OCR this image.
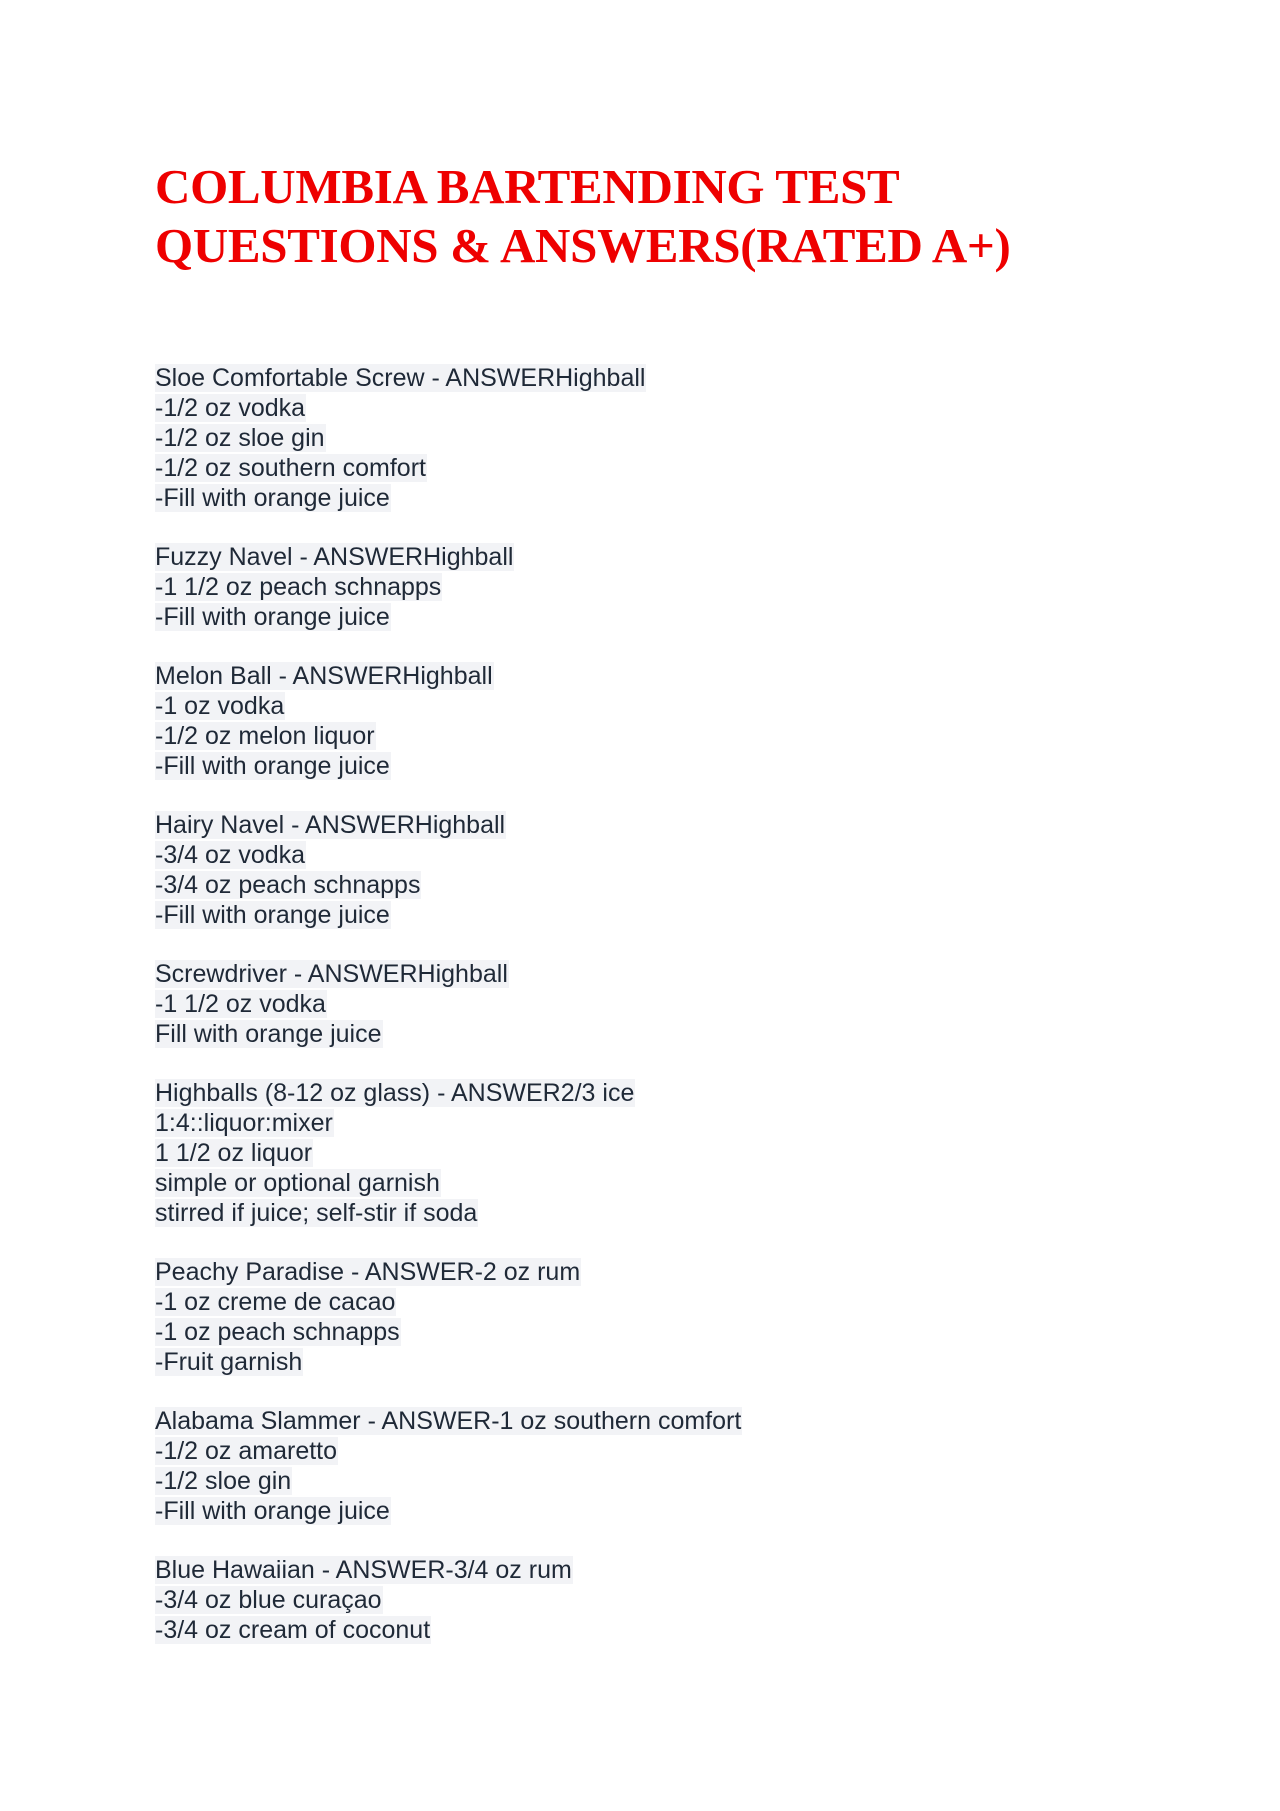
COLUMBIA BARTENDING TEST
QUESTIONS & ANSWERS(RATED A+)
Sloe Comfortable Screw - ANSWERHighball
-1/2 oz vodka
-1/2 oz sloe gin
-1/2 oz southern comfort
-Fill with orange juice
Fuzzy Navel - ANSWERHighball
-1 1/2 oz peach schnapps
-Fill with orange juice
Melon Ball - ANSWERHighball
-1 oz vodka
-1/2 oz melon liquor
-Fill with orange juice
Hairy Navel - ANSWERHighball
-3/4 oz vodka
-3/4 oz peach schnapps
-Fill with orange juice
Screwdriver - ANSWERHighball
-1 1/2 oz vodka
Fill with orange juice
Highballs (8-12 oz glass) - ANSWER2/3 ice
1:4::liquor:mixer
1 1/2 oz liquor
simple or optional garnish
stirred if juice; self-stir if soda
Peachy Paradise - ANSWER-2 oz rum
-1 oz creme de cacao
-1 oz peach schnapps
-Fruit garnish
Alabama Slammer - ANSWER-1 oz southern comfort
-1/2 oz amaretto
-1/2 sloe gin
-Fill with orange juice
Blue Hawaiian - ANSWER-3/4 oz rum
-3/4 oz blue curaçao
-3/4 oz cream of coconut
